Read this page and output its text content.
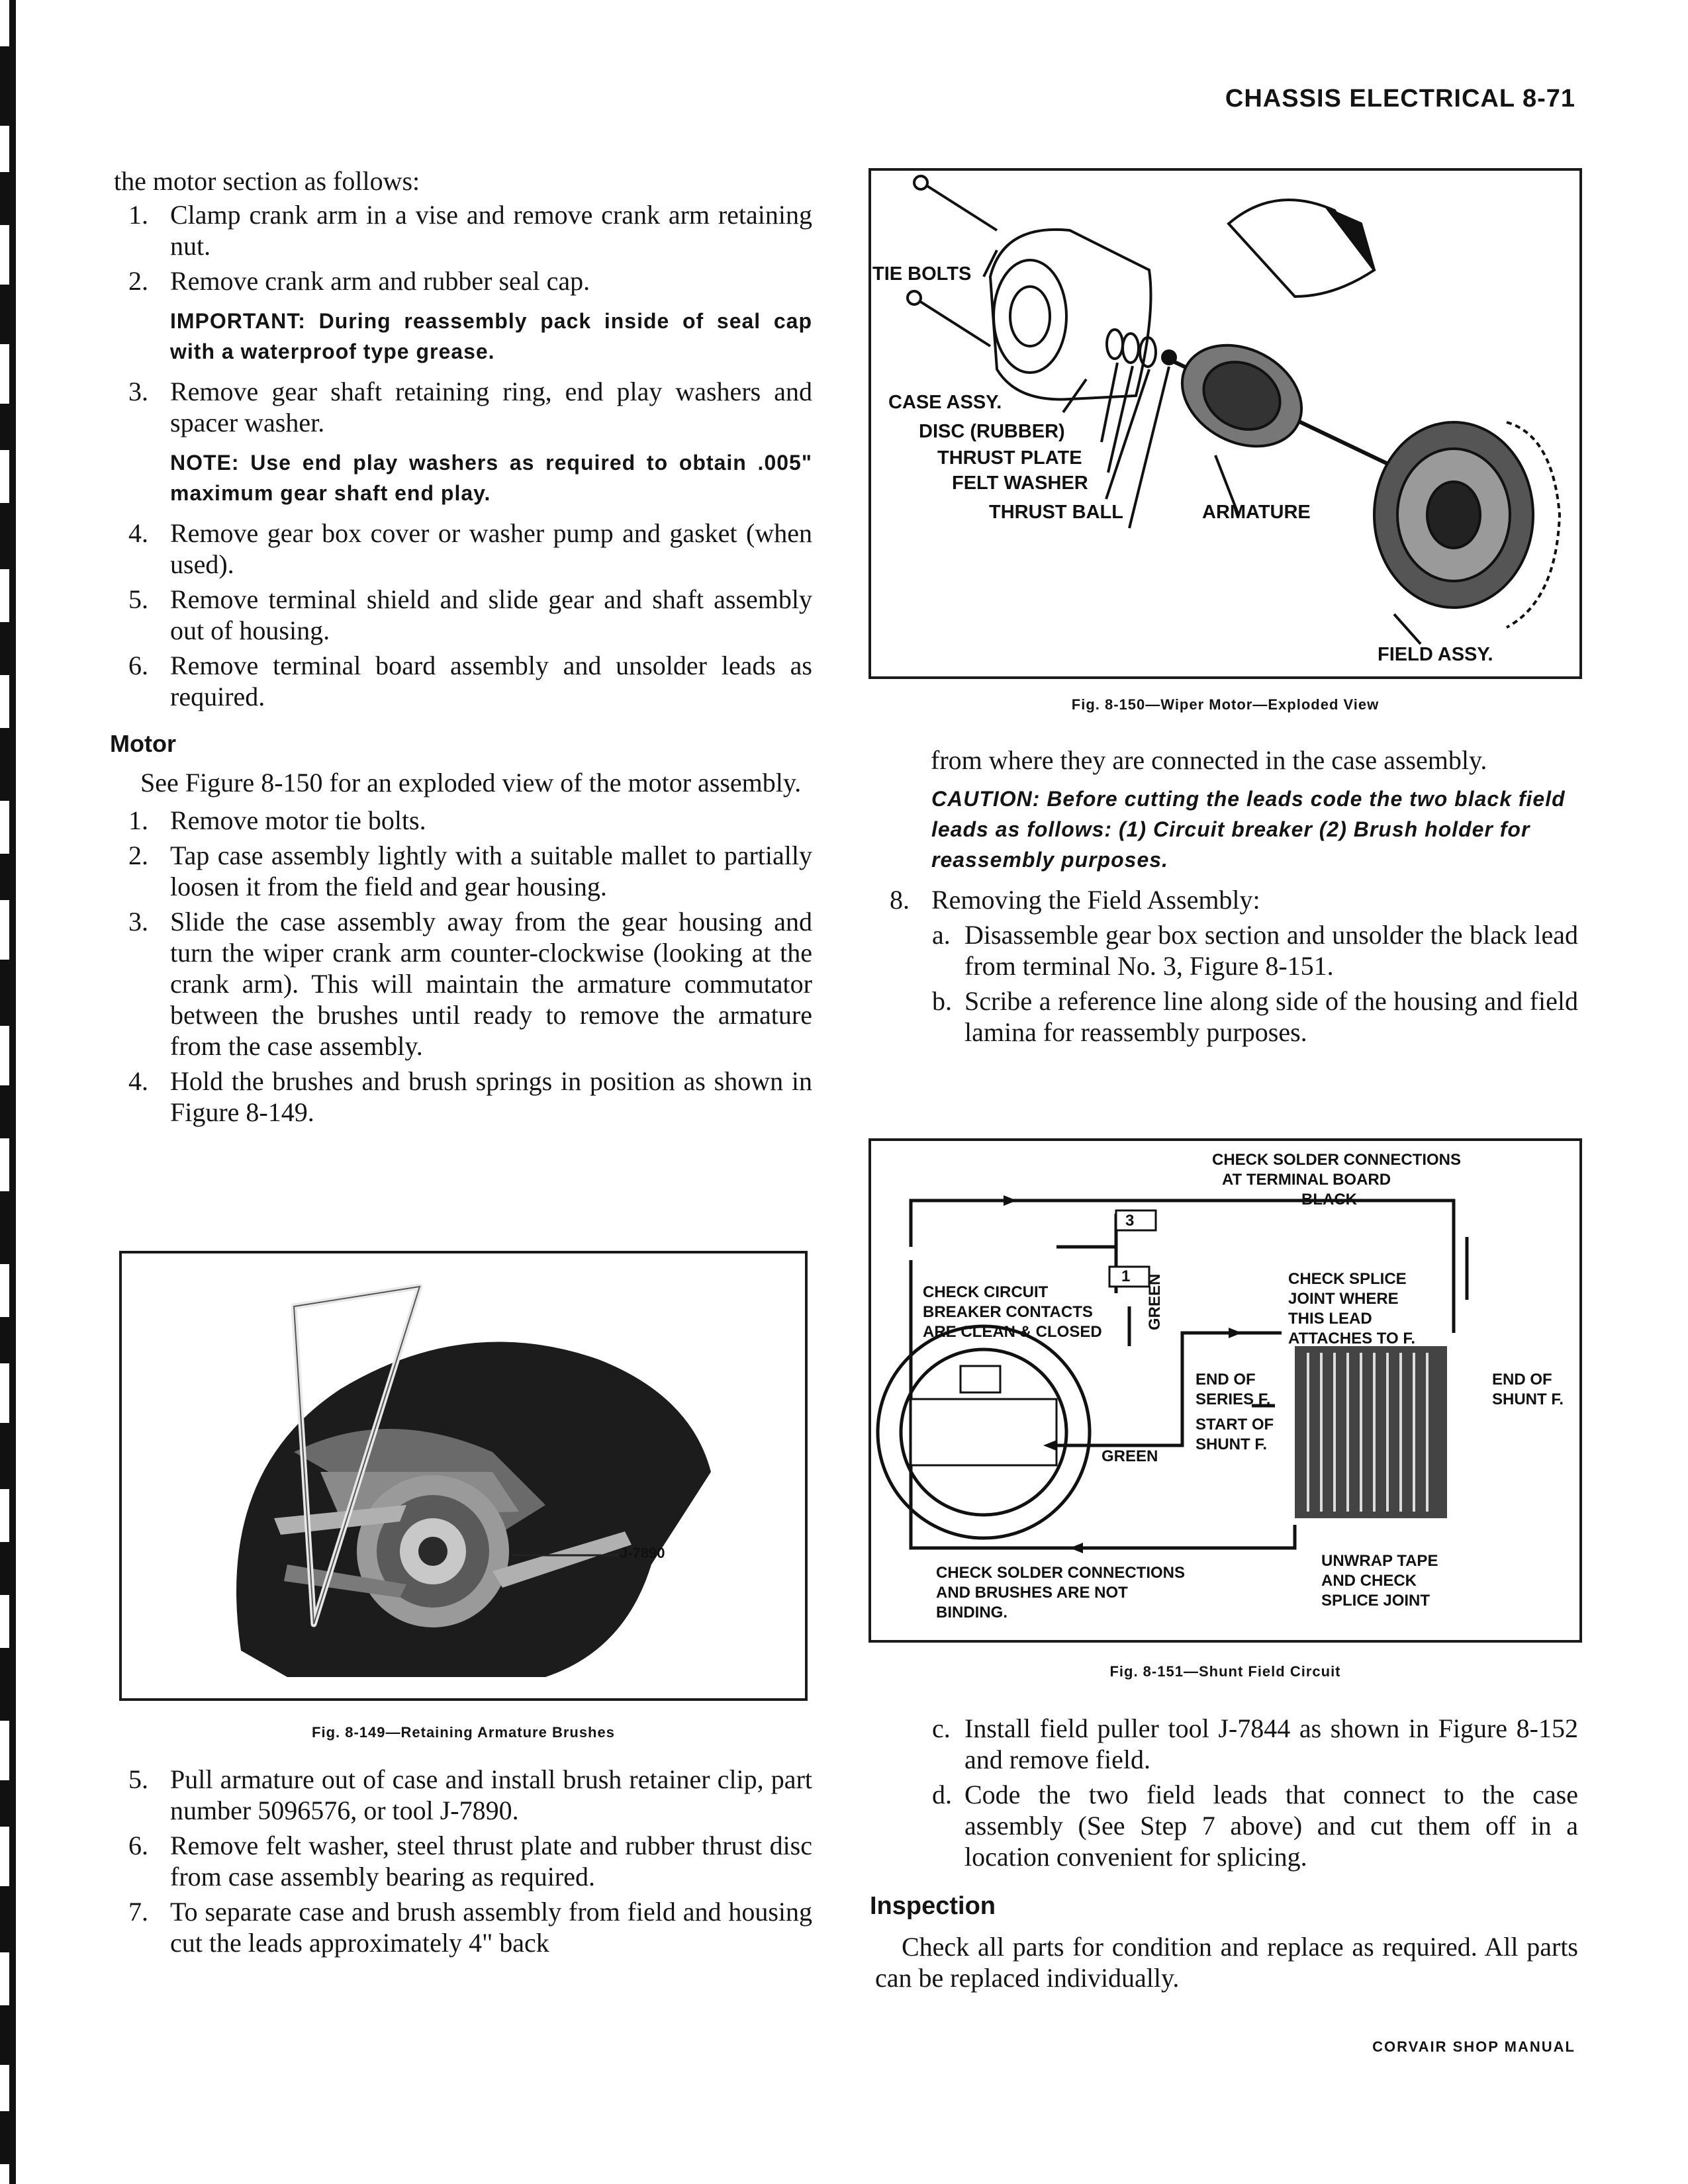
CHASSIS ELECTRICAL 8-71

the motor section as follows:

1. Clamp crank arm in a vise and remove crank arm retaining nut.
2. Remove crank arm and rubber seal cap.

IMPORTANT: During reassembly pack inside of seal cap with a waterproof type grease.

3. Remove gear shaft retaining ring, end play washers and spacer washer.

NOTE: Use end play washers as required to obtain .005" maximum gear shaft end play.

4. Remove gear box cover or washer pump and gasket (when used).
5. Remove terminal shield and slide gear and shaft assembly out of housing.
6. Remove terminal board assembly and unsolder leads as required.
Motor

See Figure 8-150 for an exploded view of the motor assembly.

1. Remove motor tie bolts.
2. Tap case assembly lightly with a suitable mallet to partially loosen it from the field and gear housing.
3. Slide the case assembly away from the gear housing and turn the wiper crank arm counter-clockwise (looking at the crank arm). This will maintain the armature commutator between the brushes until ready to remove the armature from the case assembly.
4. Hold the brushes and brush springs in position as shown in Figure 8-149.
5. Pull armature out of case and install brush retainer clip, part number 5096576, or tool J-7890.
6. Remove felt washer, steel thrust plate and rubber thrust disc from case assembly bearing as required.
7. To separate case and brush assembly from field and housing cut the leads approximately 4" back
J-7890
Fig. 8-149—Retaining Armature Brushes
TIE BOLTS
CASE ASSY.
DISC (RUBBER)
THRUST PLATE
FELT WASHER
THRUST BALL	ARMATURE
FIELD ASSY.
Fig. 8-150—Wiper Motor—Exploded View

from where they are connected in the case assembly.

CAUTION: Before cutting the leads code the two black field leads as follows: (1) Circuit breaker (2) Brush holder for reassembly purposes.

8. Removing the Field Assembly:
a. Disassemble gear box section and unsolder the black lead from terminal No. 3, Figure 8-151.
b. Scribe a reference line along side of the housing and field lamina for reassembly purposes.
CHECK SOLDER CONNECTIONS
AT TERMINAL BOARD
BLACK
3
1
CHECK CIRCUIT
BREAKER CONTACTS
ARE CLEAN & CLOSED
CHECK SPLICE
JOINT WHERE
THIS LEAD
ATTACHES TO F.
GREEN
END OF
SERIES F.
START OF
SHUNT F.
END OF
SHUNT F.
GREEN
UNWRAP TAPE
AND CHECK
SPLICE JOINT
CHECK SOLDER CONNECTIONS
AND BRUSHES ARE NOT
BINDING.
Fig. 8-151—Shunt Field Circuit
c. Install field puller tool J-7844 as shown in Figure 8-152 and remove field.
d. Code the two field leads that connect to the case assembly (See Step 7 above) and cut them off in a location convenient for splicing.
Inspection

Check all parts for condition and replace as required. All parts can be replaced individually.

CORVAIR SHOP MANUAL
